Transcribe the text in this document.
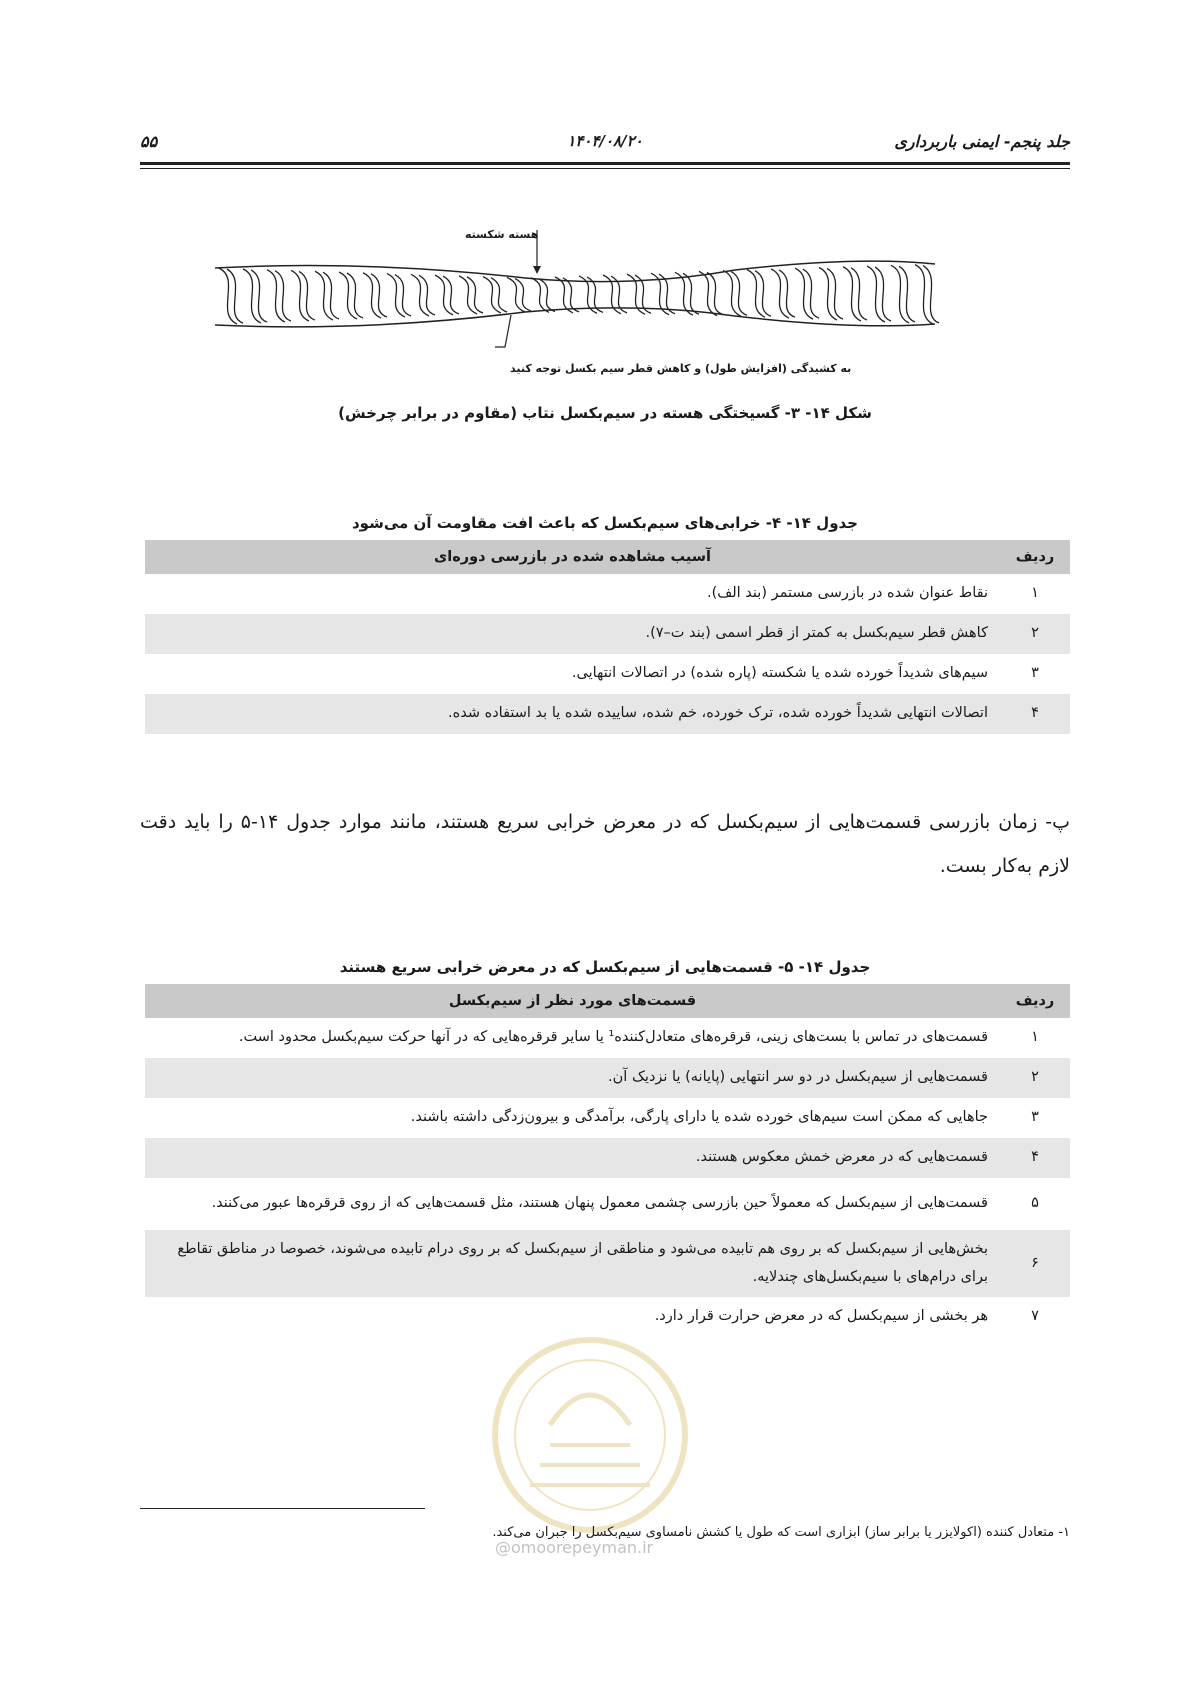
جلد پنجم- ایمنی باربرداری
۱۴۰۴/۰۸/۲۰
۵۵
هسته شکسته
به کشیدگی (افزایش طول) و کاهش قطر سیم بکسل توجه کنید
شکل ۱۴- ۳- گسیختگی هسته در سیم‌بکسل نتاب (مقاوم در برابر چرخش)
جدول ۱۴- ۴- خرابی‌های سیم‌بکسل که باعث افت مقاومت آن می‌شود
ردیف	آسیب مشاهده شده در بازرسی دوره‌ای
۱	نقاط عنوان شده در بازرسی مستمر (بند الف).
۲	کاهش قطر سیم‌بکسل به کمتر از قطر اسمی (بند ت–۷).
۳	سیم‌های شدیداً خورده شده یا شکسته (پاره شده) در اتصالات انتهایی.
۴	اتصالات انتهایی شدیداً خورده شده، ترک خورده، خم شده، ساییده شده یا بد استفاده شده.
پ- زمان بازرسی قسمت‌هایی از سیم‌بکسل که در معرض خرابی سریع هستند، مانند موارد جدول ۱۴-۵ را باید دقت لازم به‌کار بست.
جدول ۱۴- ۵- قسمت‌هایی از سیم‌بکسل که در معرض خرابی سریع هستند
ردیف	قسمت‌های مورد نظر از سیم‌بکسل
۱	قسمت‌های در تماس با بست‌های زینی، قرقره‌های متعادل‌کننده¹ یا سایر قرقره‌هایی که در آنها حرکت سیم‌بکسل محدود است.
۲	قسمت‌هایی از سیم‌بکسل در دو سر انتهایی (پایانه) یا نزدیک آن.
۳	جاهایی که ممکن است سیم‌های خورده شده یا دارای پارگی، برآمدگی و بیرون‌زدگی داشته باشند.
۴	قسمت‌هایی که در معرض خمش معکوس هستند.
۵	قسمت‌هایی از سیم‌بکسل که معمولاً حین بازرسی چشمی معمول پنهان هستند، مثل قسمت‌هایی که از روی قرقره‌ها عبور می‌کنند.
۶	بخش‌هایی از سیم‌بکسل که بر روی هم تابیده می‌شود و مناطقی از سیم‌بکسل که بر روی درام تابیده می‌شوند، خصوصا در مناطق تقاطع برای درام‌های با سیم‌بکسل‌های چندلایه.
۷	هر بخشی از سیم‌بکسل که در معرض حرارت قرار دارد.
@omoorepeyman.ir
۱- متعادل کننده (اکولایزر یا برابر ساز) ابزاری است که طول یا کشش نامساوی سیم‌بکسل را جبران می‌کند.
